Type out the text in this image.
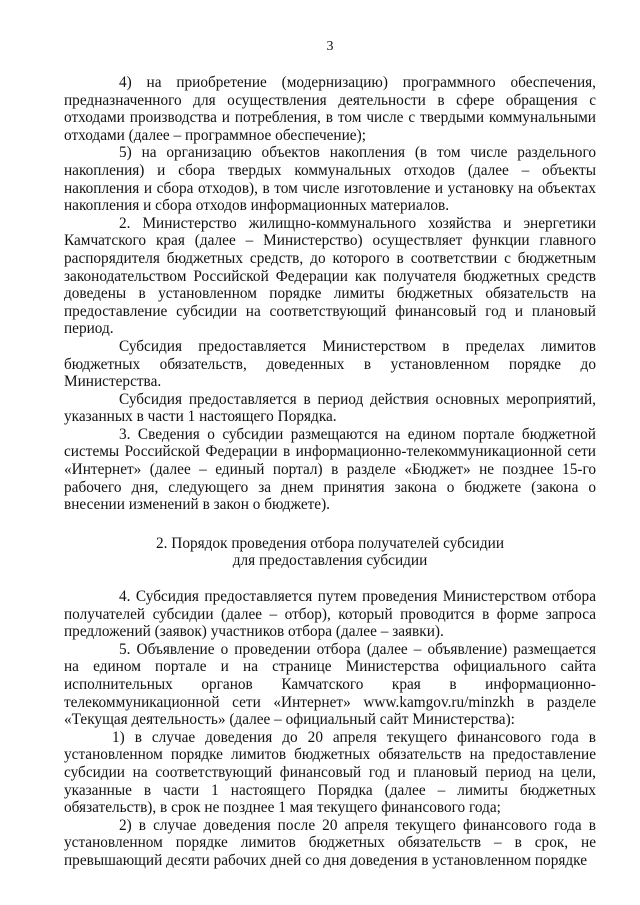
3

4) на приобретение (модернизацию) программного обеспечения, предназначенного для осуществления деятельности в сфере обращения с отходами производства и потребления, в том числе с твердыми коммунальными отходами (далее – программное обеспечение);

5) на организацию объектов накопления (в том числе раздельного накопления) и сбора твердых коммунальных отходов (далее – объекты накопления и сбора отходов), в том числе изготовление и установку на объектах накопления и сбора отходов информационных материалов.

2. Министерство жилищно-коммунального хозяйства и энергетики Камчатского края (далее – Министерство) осуществляет функции главного распорядителя бюджетных средств, до которого в соответствии с бюджетным законодательством Российской Федерации как получателя бюджетных средств доведены в установленном порядке лимиты бюджетных обязательств на предоставление субсидии на соответствующий финансовый год и плановый период.

Субсидия предоставляется Министерством в пределах лимитов бюджетных обязательств, доведенных в установленном порядке до Министерства.

Субсидия предоставляется в период действия основных мероприятий, указанных в части 1 настоящего Порядка.

3. Сведения о субсидии размещаются на едином портале бюджетной системы Российской Федерации в информационно-телекоммуникационной сети «Интернет» (далее – единый портал) в разделе «Бюджет» не позднее 15-го рабочего дня, следующего за днем принятия закона о бюджете (закона о внесении изменений в закон о бюджете).

2. Порядок проведения отбора получателей субсидии

для предоставления субсидии

4. Субсидия предоставляется путем проведения Министерством отбора получателей субсидии (далее – отбор), который проводится в форме запроса предложений (заявок) участников отбора (далее – заявки).

5. Объявление о проведении отбора (далее – объявление) размещается на едином портале и на странице Министерства официального сайта исполнительных органов Камчатского края в информационно-телекоммуникационной сети «Интернет» www.kamgov.ru/minzkh в разделе «Текущая деятельность» (далее – официальный сайт Министерства):

1) в случае доведения до 20 апреля текущего финансового года в установленном порядке лимитов бюджетных обязательств на предоставление субсидии на соответствующий финансовый год и плановый период на цели, указанные в части 1 настоящего Порядка (далее – лимиты бюджетных обязательств), в срок не позднее 1 мая текущего финансового года;

2) в случае доведения после 20 апреля текущего финансового года в установленном порядке лимитов бюджетных обязательств – в срок, не превышающий десяти рабочих дней со дня доведения в установленном порядке
